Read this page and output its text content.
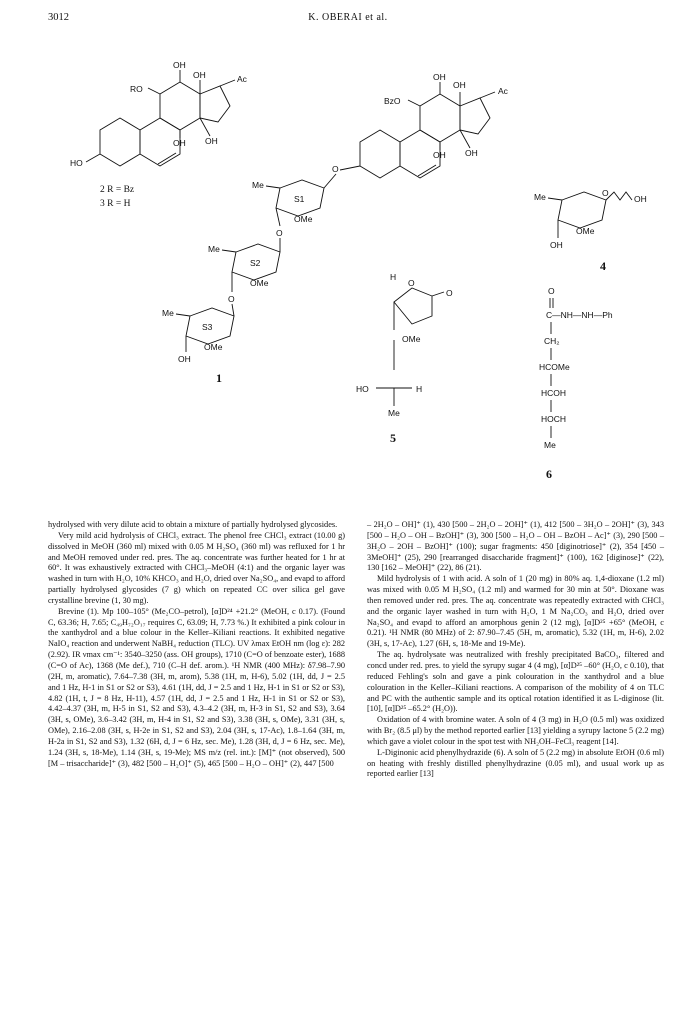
3012	K. OBERAI et al.
OH
OH
RO
OH
Ac
OH
HO
2 R = Bz
3 R = H
OH
OH
BzO
OH
Ac
OH
O
Me
S1
OMe
O
Me
S2
OMe
O
Me
S3
OMe
OH
1
Me	O
OH
OMe
OH
4
H
O
O
OMe
HO	H
Me
5
O
C—NH—NH—Ph
CH₂
HCOMe
HCOH
HOCH
Me
6

hydrolysed with very dilute acid to obtain a mixture of partially hydrolysed glycosides.

Very mild acid hydrolysis of CHCl₃ extract. The phenol free CHCl₃ extract (10.00 g) dissolved in MeOH (360 ml) mixed with 0.05 M H₂SO₄ (360 ml) was refluxed for 1 hr and MeOH removed under red. pres. The aq. concentrate was further heated for 1 hr at 60°. It was exhaustively extracted with CHCl₃–MeOH (4:1) and the organic layer was washed in turn with H₂O, 10% KHCO₃ and H₂O, dried over Na₂SO₄, and evapd to afford partially hydrolysed glycosides (7 g) which on repeated CC over silica gel gave crystalline brevine (1, 30 mg).

Brevine (1). Mp 100–105° (Me₂CO–petrol), [α]D²⁴ +21.2° (MeOH, c 0.17). (Found C, 63.36; H, 7.65; C₄₉H₇₂O₁₇ requires C, 63.09; H, 7.73 %.) It exhibited a pink colour in the xanthydrol and a blue colour in the Keller–Kiliani reactions. It exhibited negative NaIO₄ reaction and underwent NaBH₄ reduction (TLC). UV λmax EtOH nm (log ε): 282 (2.92). IR νmax cm⁻¹: 3540–3250 (ass. OH groups), 1710 (C=O of benzoate ester), 1688 (C=O of Ac), 1368 (Me def.), 710 (C–H def. arom.). ¹H NMR (400 MHz): δ7.98–7.90 (2H, m, aromatic), 7.64–7.38 (3H, m, arom), 5.38 (1H, m, H-6), 5.02 (1H, dd, J = 2.5 and 1 Hz, H-1 in S1 or S2 or S3), 4.61 (1H, dd, J = 2.5 and 1 Hz, H-1 in S1 or S2 or S3), 4.82 (1H, t, J = 8 Hz, H-11), 4.57 (1H, dd, J = 2.5 and 1 Hz, H-1 in S1 or S2 or S3), 4.42–4.37 (3H, m, H-5 in S1, S2 and S3), 4.3–4.2 (3H, m, H-3 in S1, S2 and S3), 3.64 (3H, s, OMe), 3.6–3.42 (3H, m, H-4 in S1, S2 and S3), 3.38 (3H, s, OMe), 3.31 (3H, s, OMe), 2.16–2.08 (3H, s, H-2e in S1, S2 and S3), 2.04 (3H, s, 17-Ac), 1.8–1.64 (3H, m, H-2a in S1, S2 and S3), 1.32 (6H, d, J = 6 Hz, sec. Me), 1.28 (3H, d, J = 6 Hz, sec. Me), 1.24 (3H, s, 18-Me), 1.14 (3H, s, 19-Me); MS m/z (rel. int.): [M]⁺ (not observed), 500 [M – trisaccharide]⁺ (3), 482 [500 – H₂O]⁺ (5), 465 [500 – H₂O – OH]⁺ (2), 447 [500

– 2H₂O – OH]⁺ (1), 430 [500 – 2H₂O – 2OH]⁺ (1), 412 [500 – 3H₂O – 2OH]⁺ (3), 343 [500 – H₂O – OH – BzOH]⁺ (3), 300 [500 – H₂O – OH – BzOH – Ac]⁺ (3), 290 [500 – 3H₂O – 2OH – BzOH]⁺ (100); sugar fragments: 450 [diginotriose]⁺ (2), 354 [450 – 3MeOH]⁺ (25), 290 [rearranged disaccharide fragment]⁺ (100), 162 [diginose]⁺ (22), 130 [162 – MeOH]⁺ (22), 86 (21).

Mild hydrolysis of 1 with acid. A soln of 1 (20 mg) in 80% aq. 1,4-dioxane (1.2 ml) was mixed with 0.05 M H₂SO₄ (1.2 ml) and warmed for 30 min at 50°. Dioxane was then removed under red. pres. The aq. concentrate was repeatedly extracted with CHCl₃ and the organic layer washed in turn with H₂O, 1 M Na₂CO₃ and H₂O, dried over Na₂SO₄ and evapd to afford an amorphous genin 2 (12 mg), [α]D²⁵ +65° (MeOH, c 0.21). ¹H NMR (80 MHz) of 2: δ7.90–7.45 (5H, m, aromatic), 5.32 (1H, m, H-6), 2.02 (3H, s, 17-Ac), 1.27 (6H, s, 18-Me and 19-Me).

The aq. hydrolysate was neutralized with freshly precipitated BaCO₃, filtered and concd under red. pres. to yield the syrupy sugar 4 (4 mg), [α]D²⁵ –60° (H₂O, c 0.10), that reduced Fehling's soln and gave a pink colouration in the xanthydrol and a blue colouration in the Keller–Kiliani reactions. A comparison of the mobility of 4 on TLC and PC with the authentic sample and its optical rotation identified it as L-diginose (lit. [10], [α]D²⁵ –65.2° (H₂O)).

Oxidation of 4 with bromine water. A soln of 4 (3 mg) in H₂O (0.5 ml) was oxidized with Br₂ (8.5 μl) by the method reported earlier [13] yielding a syrupy lactone 5 (2.2 mg) which gave a violet colour in the spot test with NH₂OH–FeCl₃ reagent [14].

L-Diginonic acid phenylhydrazide (6). A soln of 5 (2.2 mg) in absolute EtOH (0.6 ml) on heating with freshly distilled phenylhydrazine (0.05 ml), and usual work up as reported earlier [13]
